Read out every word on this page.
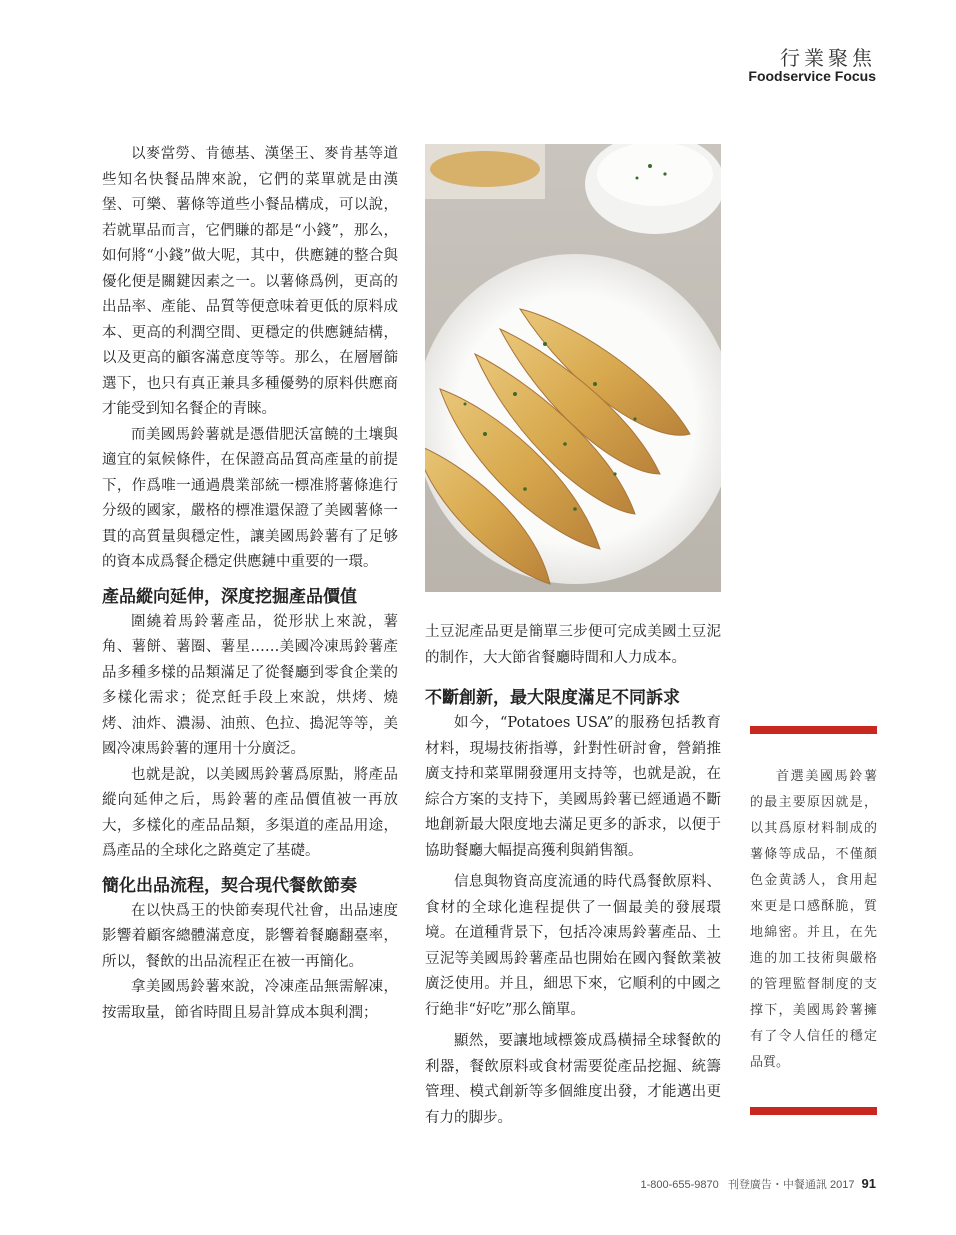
行業聚焦
Foodservice Focus

以麥當勞、肯德基、漢堡王、麥肯基等道些知名快餐品牌來說，它們的菜單就是由漢堡、可樂、薯條等道些小餐品構成，可以說，若就單品而言，它們賺的都是“小錢”，那么，如何將“小錢”做大呢，其中，供應鏈的整合與優化便是關鍵因素之一。以薯條爲例，更高的出品率、產能、品質等便意味着更低的原料成本、更高的利潤空間、更穩定的供應鏈結構，以及更高的顧客滿意度等等。那么，在層層篩選下，也只有真正兼具多種優勢的原料供應商才能受到知名餐企的青睞。

而美國馬鈴薯就是憑借肥沃富饒的土壤與適宜的氣候條件，在保證高品質高產量的前提下，作爲唯一通過農業部統一標准將薯條進行分级的國家，嚴格的標准還保證了美國薯條一貫的高質量與穩定性，讓美國馬鈴薯有了足够的資本成爲餐企穩定供應鏈中重要的一環。

產品縱向延伸，深度挖掘產品價值

圍繞着馬鈴薯產品，從形狀上來說，薯角、薯餅、薯圈、薯星……美國冷凍馬鈴薯產品多種多樣的品類滿足了從餐廳到零食企業的多樣化需求；從烹飪手段上來說，烘烤、燒烤、油炸、濃湯、油煎、色拉、搗泥等等，美國冷凍馬鈴薯的運用十分廣泛。

也就是說，以美國馬鈴薯爲原點，將產品縱向延伸之后，馬鈴薯的產品價值被一再放大，多樣化的產品品類，多渠道的產品用途，爲產品的全球化之路奠定了基礎。

簡化出品流程，契合現代餐飲節奏

在以快爲王的快節奏現代社會，出品速度影響着顧客總體滿意度，影響着餐廳翻臺率，所以，餐飲的出品流程正在被一再簡化。

拿美國馬鈴薯來說，冷凍產品無需解凍，按需取量，節省時間且易計算成本與利潤；

土豆泥產品更是簡單三步便可完成美國土豆泥的制作，大大節省餐廳時間和人力成本。

不斷創新，最大限度滿足不同訴求

如今，“Potatoes USA”的服務包括教育材料，現場技術指導，針對性研討會，營銷推廣支持和菜單開發運用支持等，也就是說，在綜合方案的支持下，美國馬鈴薯已經通過不斷地創新最大限度地去滿足更多的訴求，以便于協助餐廳大幅提高獲利與銷售額。

信息與物資高度流通的時代爲餐飲原料、食材的全球化進程提供了一個最美的發展環境。在道種背景下，包括冷凍馬鈴薯產品、土豆泥等美國馬鈴薯產品也開始在國內餐飲業被廣泛使用。并且，細思下來，它順利的中國之行絶非“好吃”那么簡單。

顯然，要讓地域標簽成爲橫掃全球餐飲的利器，餐飲原料或食材需要從產品挖掘、統籌管理、模式創新等多個維度出發，才能邁出更有力的脚步。

首選美國馬鈴薯的最主要原因就是，以其爲原材料制成的薯條等成品，不僅顏色金黄誘人，食用起來更是口感酥脆，質地綿密。并且，在先進的加工技術與嚴格的管理監督制度的支撑下，美國馬鈴薯擁有了令人信任的穩定品質。
1-800-655-9870 刊登廣告・中餐通訊 2017 91
